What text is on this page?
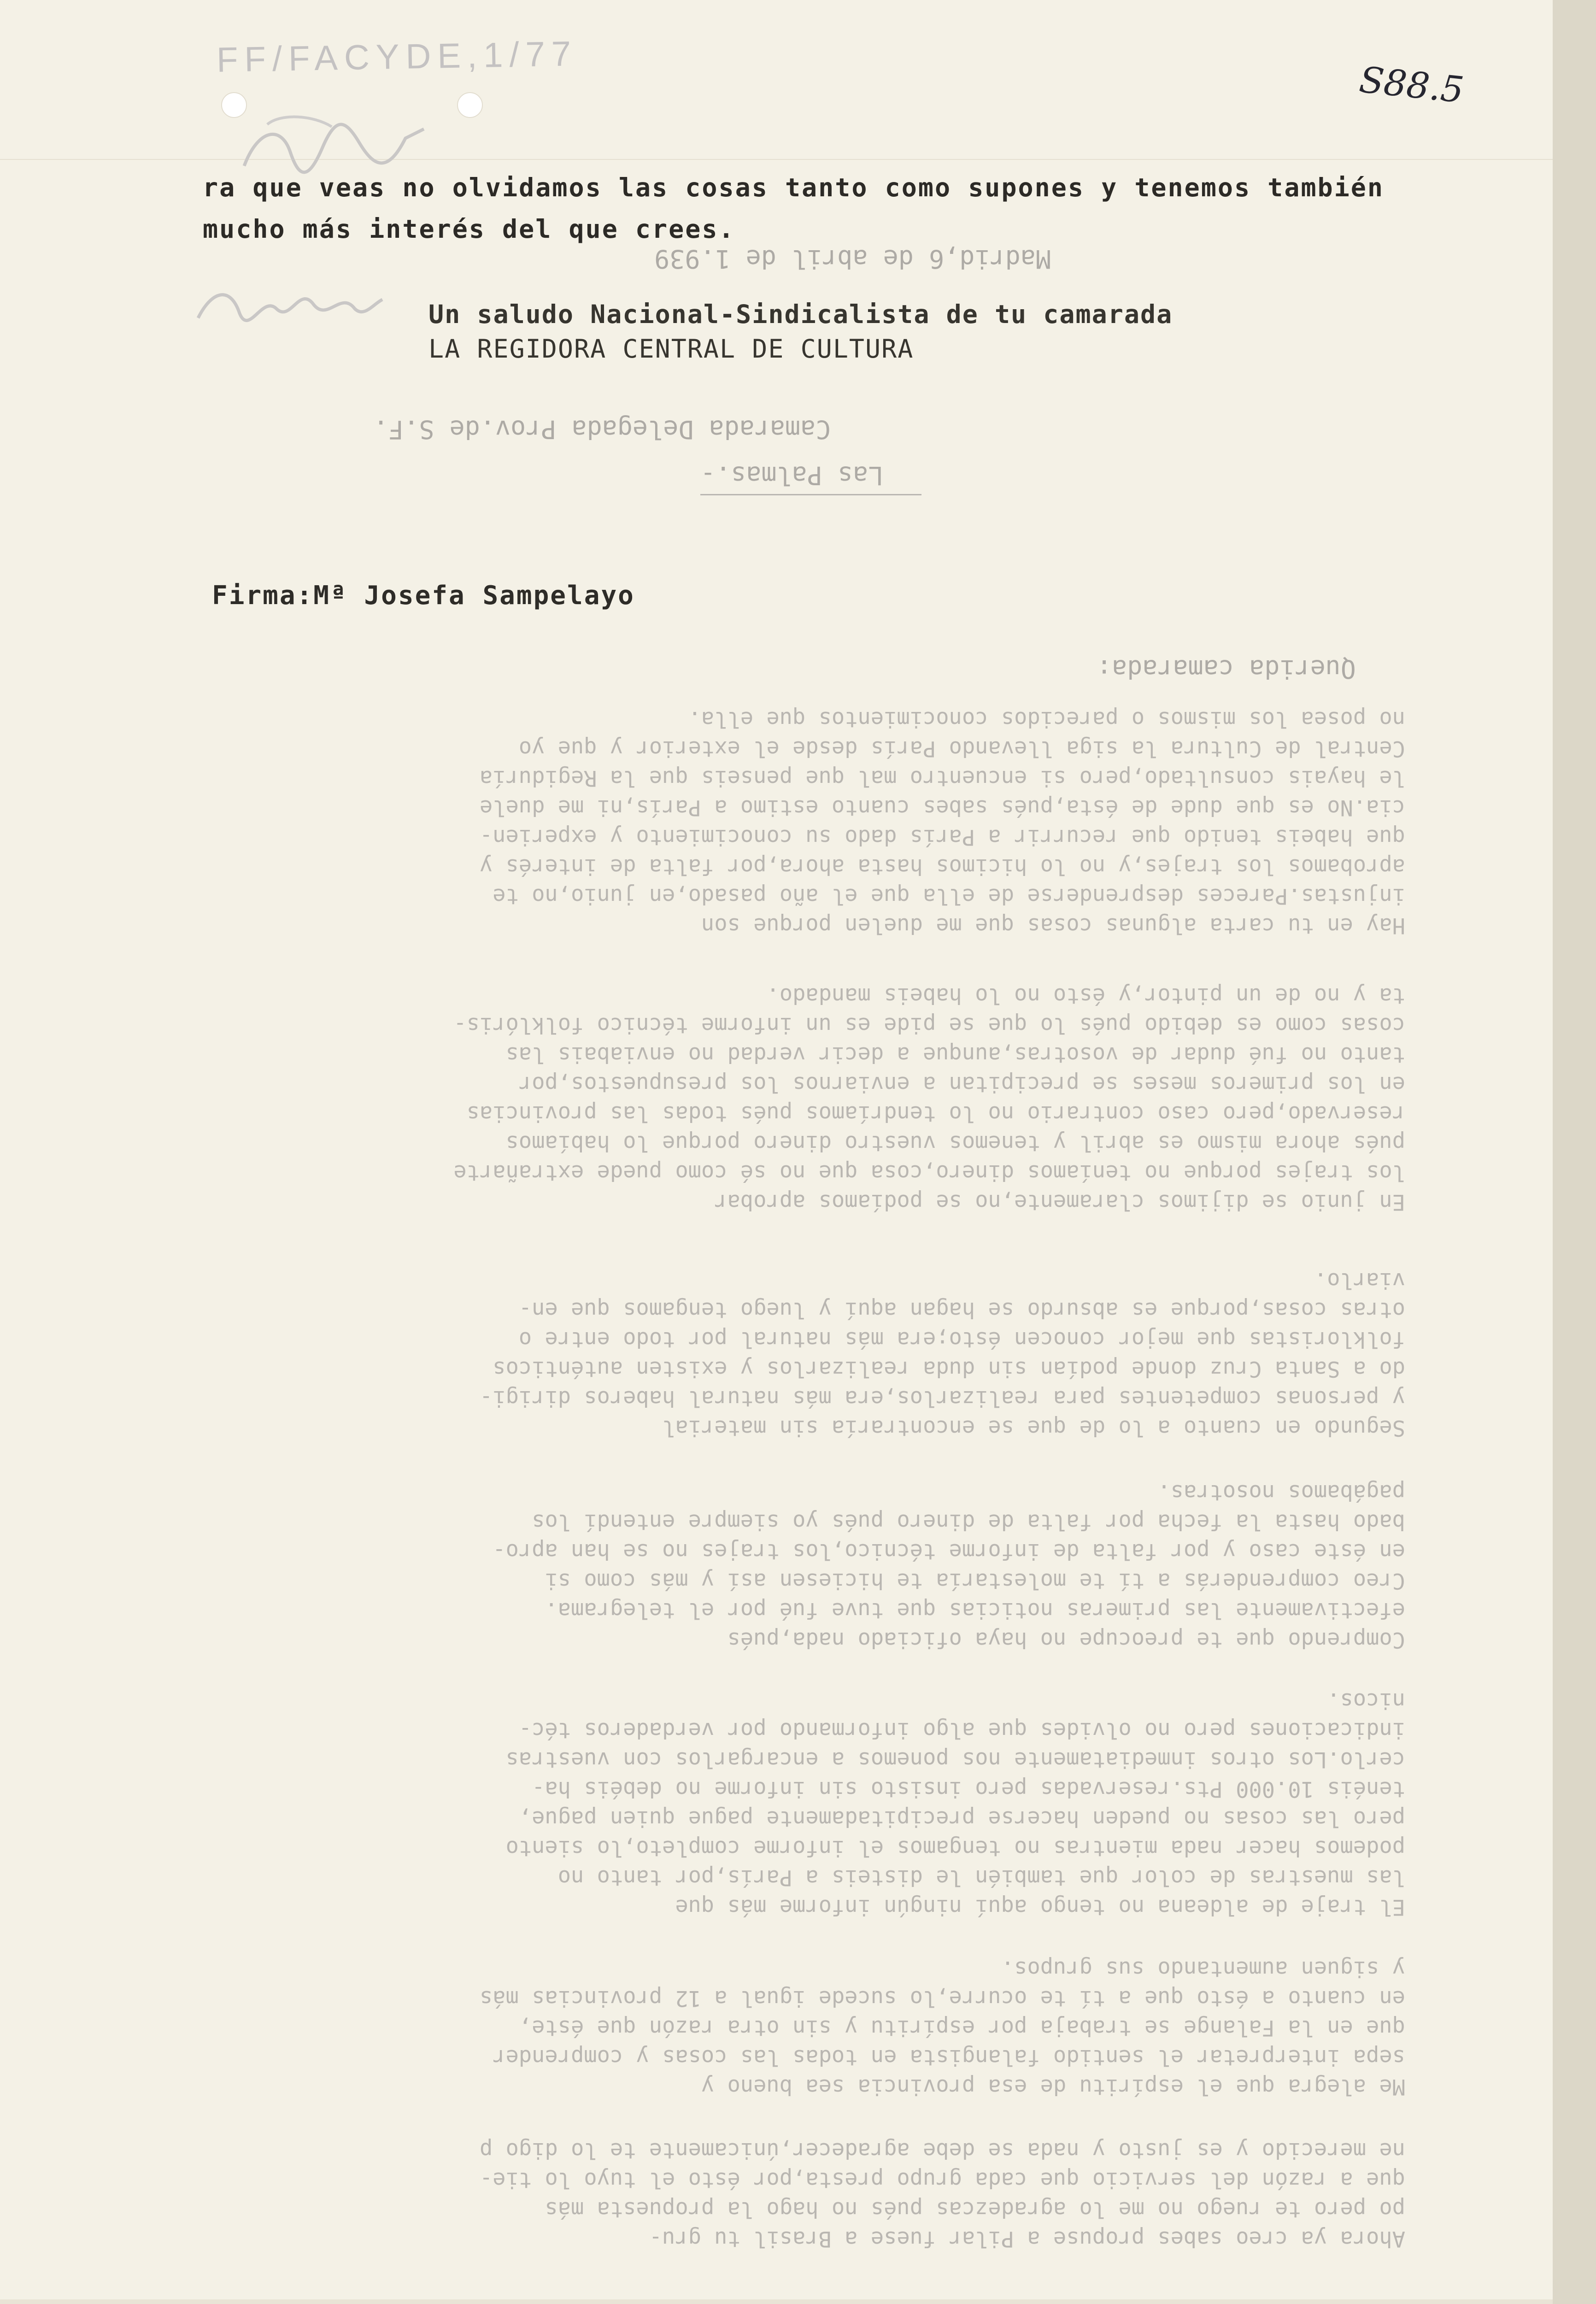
FF/FACYDE,1/77
S88.5
ra que veas no olvidamos las cosas tanto como supones y tenemos también
mucho más interés del que crees.
Un saludo Nacional-Sindicalista de tu camarada
LA REGIDORA CENTRAL DE CULTURA
Firma:Mª Josefa Sampelayo
Madrid,6 de abril de 1.939
Camarada Delegada Prov.de S.F.
Las Palmas.-
Querida camarada:
Hay en tu carta algunas cosas que me duelen porque son
injustas.Pareces desprenderse de ella que el año pasado,en junio,no te
aprobamos los trajes,y no lo hicimos hasta ahora,por falta de interés y
que habeis tenido que recurrir a París dado su conocimiento y experien-
cia.No es que dude de ésta,pués sabes cuanto estimo a París,ni me duele
le hayais consultado,pero si encuentro mal que penseis que la Regiduría
Central de Cultura la siga llevando París desde el exterior y que yo
no posea los mismos o parecidos conocimientos que ella.
En junio se dijimos claramente,no se podíamos aprobar
los trajes porque no teníamos dinero,cosa que no sé como puede extrañarte
pués ahora mismo es abril y tenemos vuestro dinero porque lo habíamos
reservado,pero caso contrario no lo tendríamos pués todas las provincias
en los primeros meses se precipitan a enviarnos los presupuestos,por
tanto no fué dudar de vosotras,aunque a decir verdad no enviabais las
cosas como es debido pués lo que se pide es un informe técnico folklóris-
ta y no de un pintor,y ésto no lo habeis mandado.
Segundo en cuanto a lo de que se encontraría sin material
y personas competentes para realizarlos,era más natural haberos dirigi-
do a Santa Cruz donde podían sin duda realizarlos y existen auténticos
folkloristas que mejor conocen ésto;era más natural por todo entre o
otras cosas,porque es absurdo se hagan aquí y luego tengamos que en-
viarlo.
Comprendo que te preocupe no haya oficiado nada,pués
efectivamente las primeras noticias que tuve fué por el telegrama.
Creo comprenderás a tí te molestaría te hiciesen así y más como si
en éste caso y por falta de informe técnico,los trajes no se han apro-
bado hasta la fecha por falta de dinero pués yo siempre entendí los
pagábamos nosotras.
El traje de aldeana no tengo aquí ningún informe más que
las muestras de color que también le disteis a París,por tanto no
podemos hacer nada mientras no tengamos el informe completo,lo siento
pero las cosas no pueden hacerse precipitadamente pague quien pague,
tenéis 10.000 Pts.reservadas pero insisto sin informe no debéis ha-
cerlo.Los otros inmediatamente nos ponemos a encargarlos con vuestras
indicaciones pero no olvides que algo informando por verdaderos téc-
nicos.
Me alegra que el espíritu de esa provincia sea bueno y
sepa interpretar el sentido falangista en todas las cosas y comprender
que en la Falange se trabaja por espíritu y sin otra razón que éste,
en cuanto a ésto que a tí te ocurre,lo sucede igual a 12 provincias más
y siguen aumentando sus grupos.
Ahora ya creo sabes propuse a Pilar fuese a Brasil tu gru-
po pero te ruego no me lo agradezcas pués no hago la propuesta más
que a razón del servicio que cada grupo presta,por ésto el tuyo lo tie-
ne merecido y es justo y nada se debe agradecer,únicamente te lo digo p
